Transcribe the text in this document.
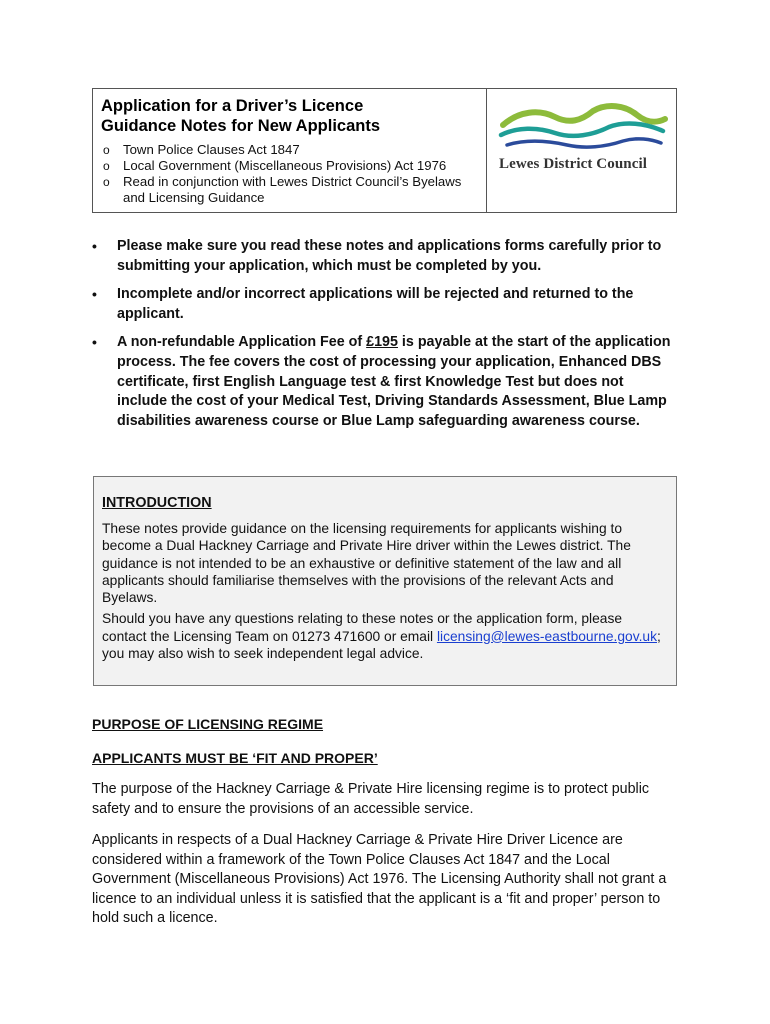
Application for a Driver’s Licence
Guidance Notes for New Applicants
o Town Police Clauses Act 1847
o Local Government (Miscellaneous Provisions) Act 1976
o Read in conjunction with Lewes District Council’s Byelaws and Licensing Guidance
Lewes District Council
• Please make sure you read these notes and applications forms carefully prior to submitting your application, which must be completed by you.
• Incomplete and/or incorrect applications will be rejected and returned to the applicant.
• A non-refundable Application Fee of £195 is payable at the start of the application process. The fee covers the cost of processing your application, Enhanced DBS certificate, first English Language test & first Knowledge Test but does not include the cost of your Medical Test, Driving Standards Assessment, Blue Lamp disabilities awareness course or Blue Lamp safeguarding awareness course.
INTRODUCTION

These notes provide guidance on the licensing requirements for applicants wishing to become a Dual Hackney Carriage and Private Hire driver within the Lewes district. The guidance is not intended to be an exhaustive or definitive statement of the law and all applicants should familiarise themselves with the provisions of the relevant Acts and Byelaws.

Should you have any questions relating to these notes or the application form, please contact the Licensing Team on 01273 471600 or email licensing@lewes-eastbourne.gov.uk; you may also wish to seek independent legal advice.

PURPOSE OF LICENSING REGIME
APPLICANTS MUST BE ‘FIT AND PROPER’

The purpose of the Hackney Carriage & Private Hire licensing regime is to protect public safety and to ensure the provisions of an accessible service.

Applicants in respects of a Dual Hackney Carriage & Private Hire Driver Licence are considered within a framework of the Town Police Clauses Act 1847 and the Local Government (Miscellaneous Provisions) Act 1976. The Licensing Authority shall not grant a licence to an individual unless it is satisfied that the applicant is a ‘fit and proper’ person to hold such a licence.
